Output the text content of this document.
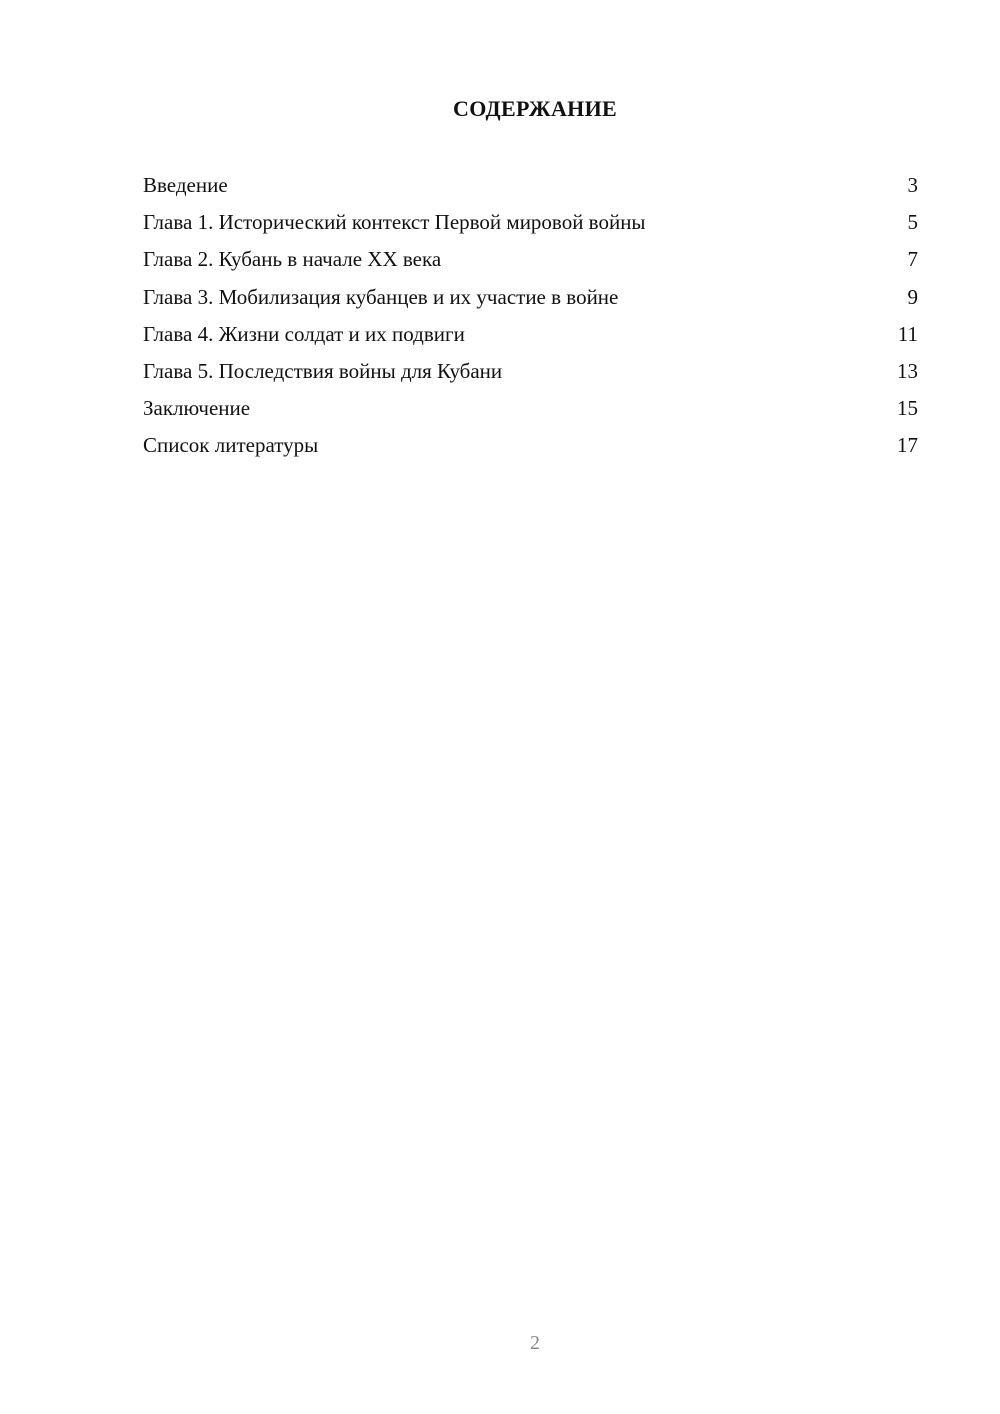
СОДЕРЖАНИЕ
Введение	3
Глава 1. Исторический контекст Первой мировой войны	5
Глава 2. Кубань в начале XX века	7
Глава 3. Мобилизация кубанцев и их участие в войне	9
Глава 4. Жизни солдат и их подвиги	11
Глава 5. Последствия войны для Кубани	13
Заключение	15
Список литературы	17
2
